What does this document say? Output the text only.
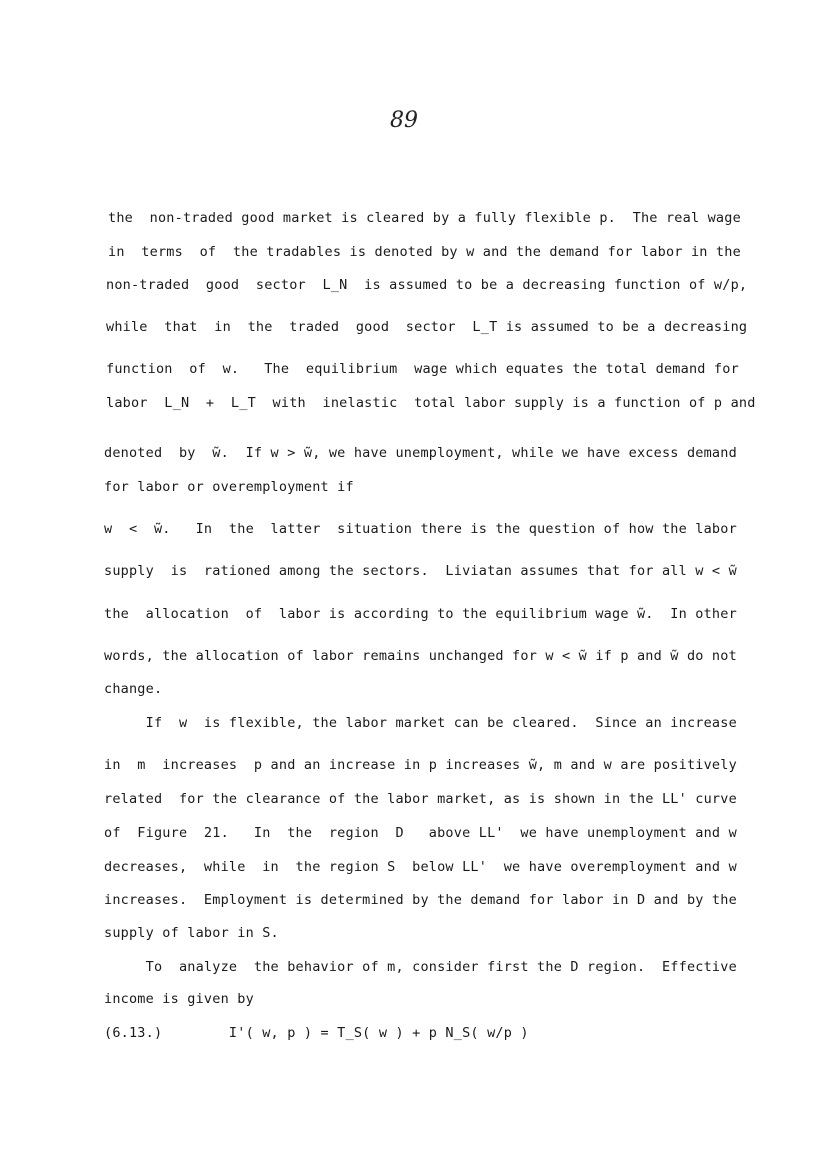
89
the  non-traded good market is cleared by a fully flexible p.  The real wage
in  terms  of  the tradables is denoted by w and the demand for labor in the
non-traded  good  sector  L_N  is assumed to be a decreasing function of w/p,
while  that  in  the  traded  good  sector  L_T is assumed to be a decreasing
function  of  w.   The  equilibrium  wage which equates the total demand for
labor  L_N  +  L_T  with  inelastic  total labor supply is a function of p and
denoted  by  w̃.  If w > w̃, we have unemployment, while we have excess demand
for labor or overemployment if
w  <  w̃.   In  the  latter  situation there is the question of how the labor
supply  is  rationed among the sectors.  Liviatan assumes that for all w < w̃
the  allocation  of  labor is according to the equilibrium wage w̃.  In other
words, the allocation of labor remains unchanged for w < w̃ if p and w̃ do not
change.
If  w  is flexible, the labor market can be cleared.  Since an increase
in  m  increases  p and an increase in p increases w̃, m and w are positively
related  for the clearance of the labor market, as is shown in the LL' curve
of  Figure  21.   In  the  region  D   above LL'  we have unemployment and w
decreases,  while  in  the region S  below LL'  we have overemployment and w
increases.  Employment is determined by the demand for labor in D and by the
supply of labor in S.
To  analyze  the behavior of m, consider first the D region.  Effective
income is given by
(6.13.)        I'( w, p ) = T_S( w ) + p N_S( w/p )
